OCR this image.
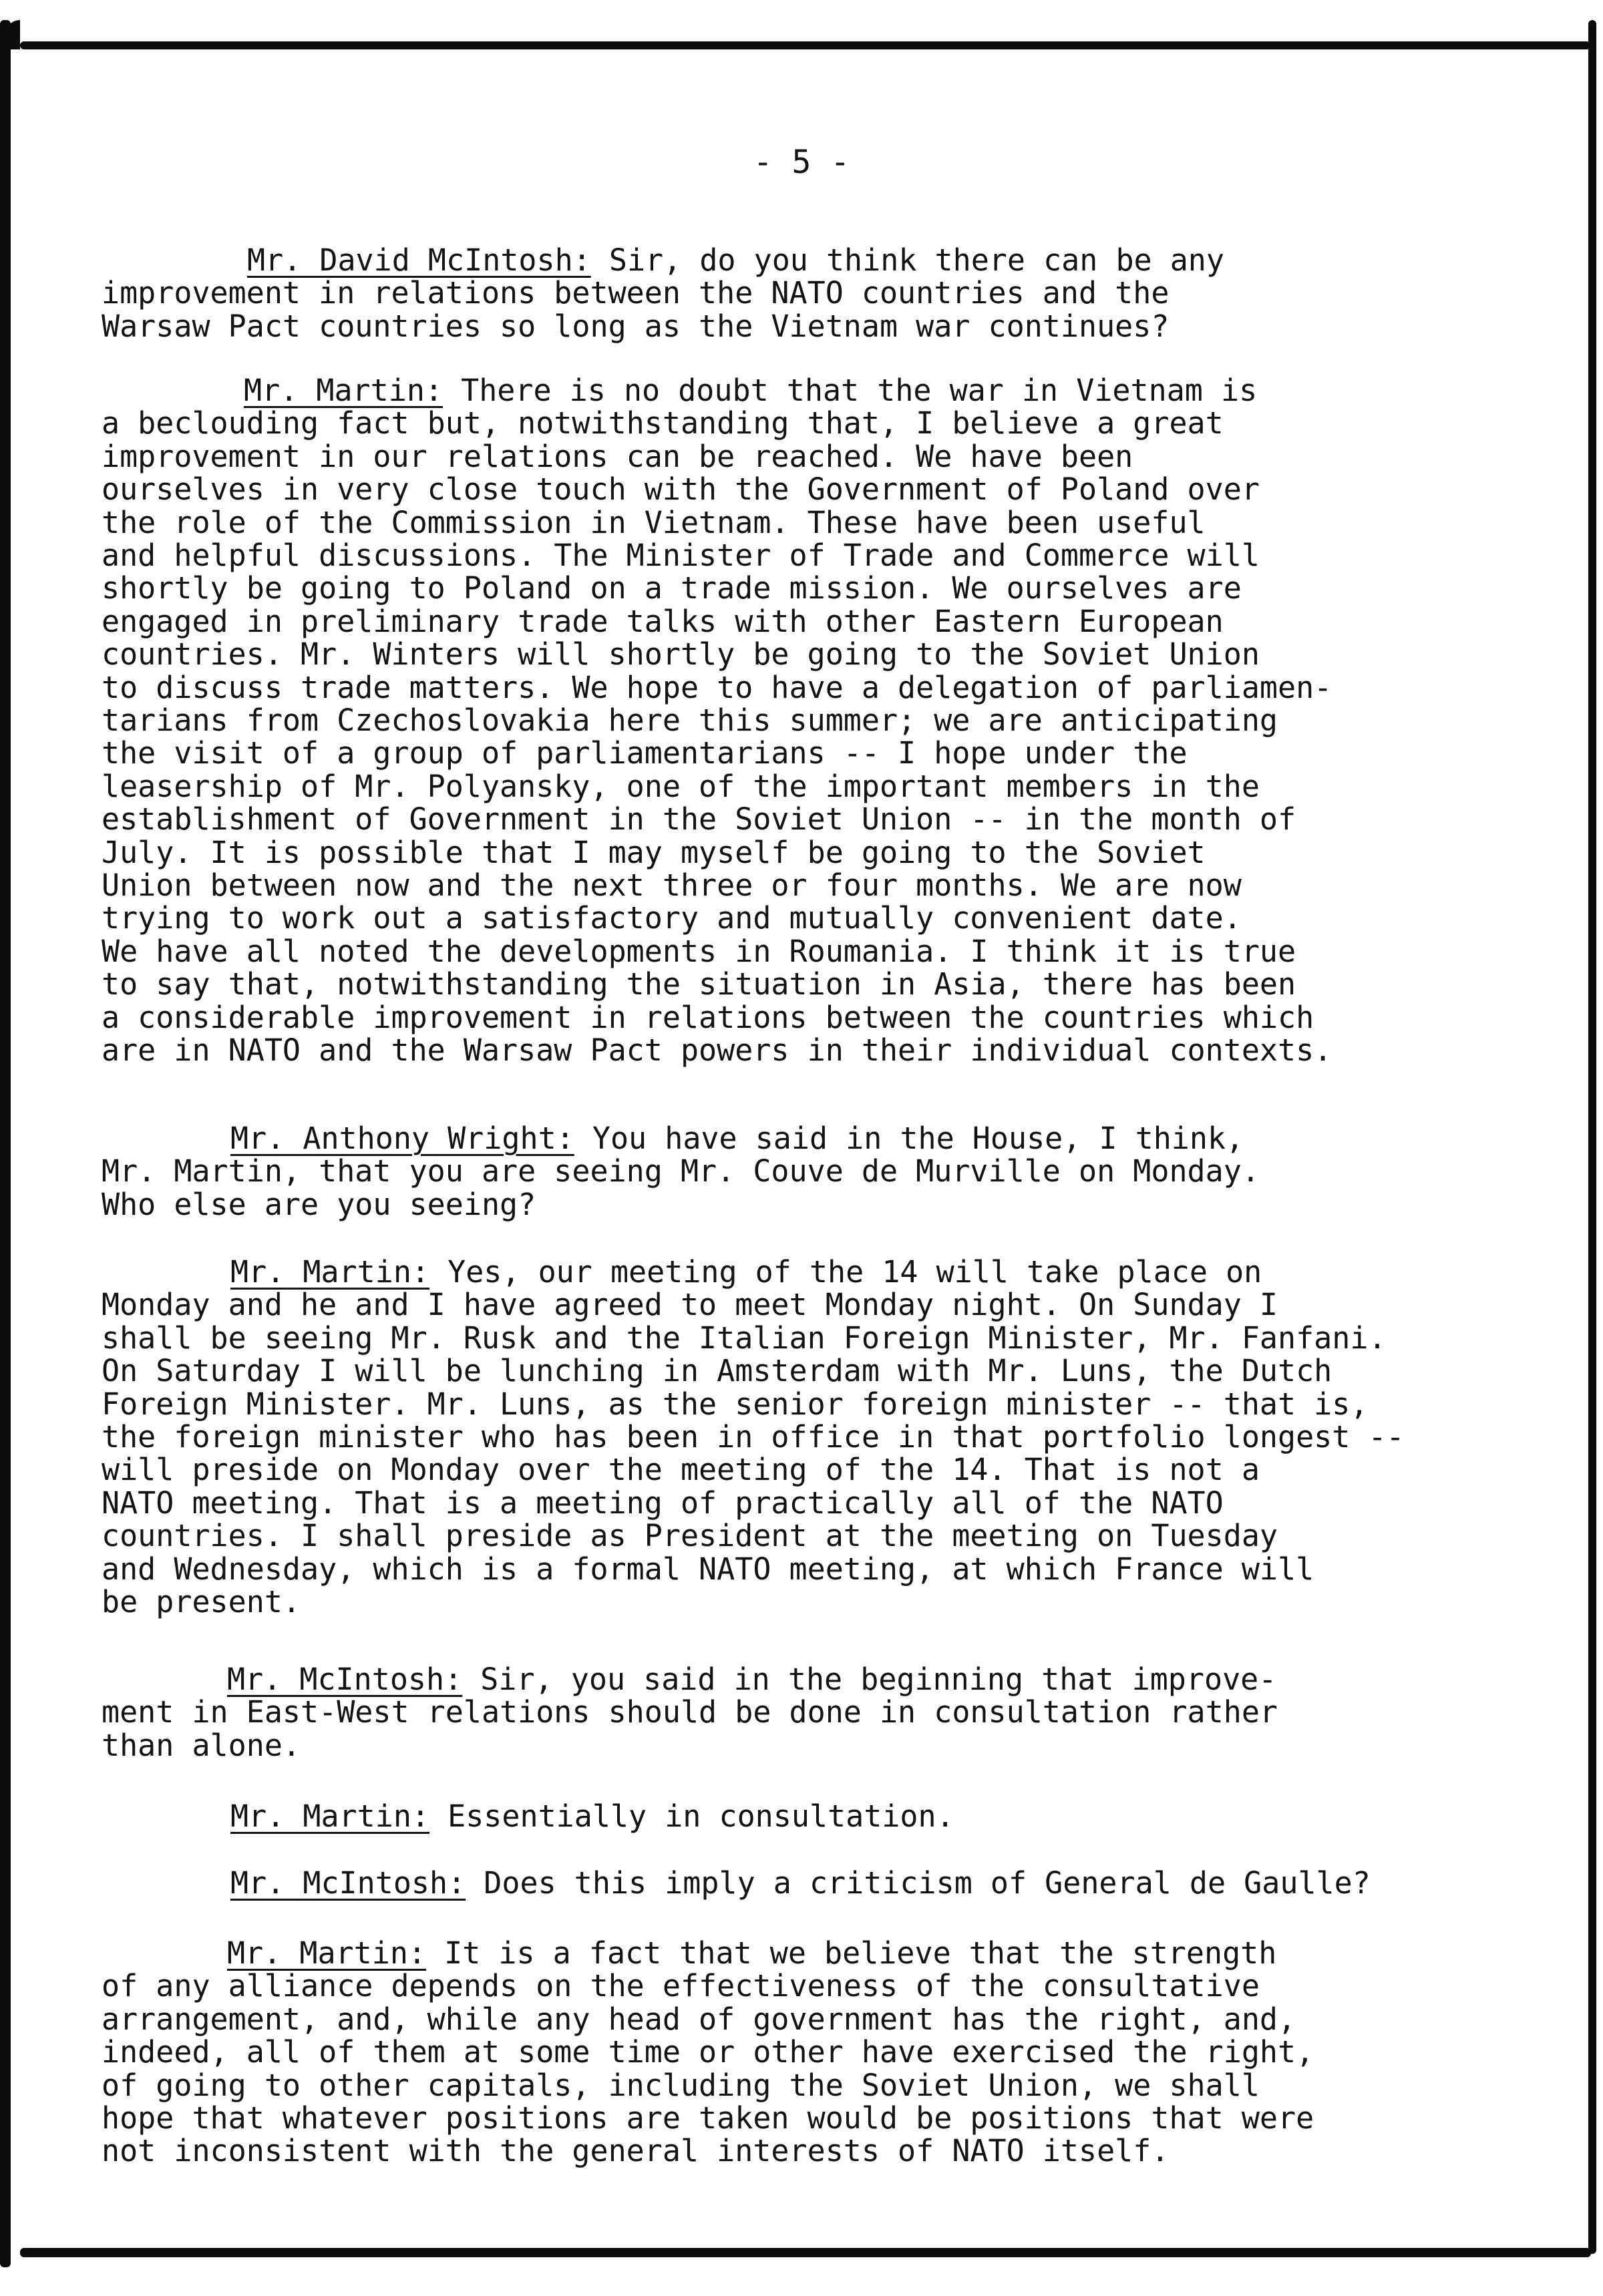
- 5 -
Mr. David McIntosh: Sir, do you think there can be any
improvement in relations between the NATO countries and the
Warsaw Pact countries so long as the Vietnam war continues?
Mr. Martin: There is no doubt that the war in Vietnam is
a beclouding fact but, notwithstanding that, I believe a great
improvement in our relations can be reached. We have been
ourselves in very close touch with the Government of Poland over
the role of the Commission in Vietnam. These have been useful
and helpful discussions. The Minister of Trade and Commerce will
shortly be going to Poland on a trade mission. We ourselves are
engaged in preliminary trade talks with other Eastern European
countries. Mr. Winters will shortly be going to the Soviet Union
to discuss trade matters. We hope to have a delegation of parliamen-
tarians from Czechoslovakia here this summer; we are anticipating
the visit of a group of parliamentarians -- I hope under the
leasership of Mr. Polyansky, one of the important members in the
establishment of Government in the Soviet Union -- in the month of
July. It is possible that I may myself be going to the Soviet
Union between now and the next three or four months. We are now
trying to work out a satisfactory and mutually convenient date.
We have all noted the developments in Roumania. I think it is true
to say that, notwithstanding the situation in Asia, there has been
a considerable improvement in relations between the countries which
are in NATO and the Warsaw Pact powers in their individual contexts.
Mr. Anthony Wright: You have said in the House, I think,
Mr. Martin, that you are seeing Mr. Couve de Murville on Monday.
Who else are you seeing?
Mr. Martin: Yes, our meeting of the 14 will take place on
Monday and he and I have agreed to meet Monday night. On Sunday I
shall be seeing Mr. Rusk and the Italian Foreign Minister, Mr. Fanfani.
On Saturday I will be lunching in Amsterdam with Mr. Luns, the Dutch
Foreign Minister. Mr. Luns, as the senior foreign minister -- that is,
the foreign minister who has been in office in that portfolio longest --
will preside on Monday over the meeting of the 14. That is not a
NATO meeting. That is a meeting of practically all of the NATO
countries. I shall preside as President at the meeting on Tuesday
and Wednesday, which is a formal NATO meeting, at which France will
be present.
Mr. McIntosh: Sir, you said in the beginning that improve-
ment in East-West relations should be done in consultation rather
than alone.
Mr. Martin: Essentially in consultation.
Mr. McIntosh: Does this imply a criticism of General de Gaulle?
Mr. Martin: It is a fact that we believe that the strength
of any alliance depends on the effectiveness of the consultative
arrangement, and, while any head of government has the right, and,
indeed, all of them at some time or other have exercised the right,
of going to other capitals, including the Soviet Union, we shall
hope that whatever positions are taken would be positions that were
not inconsistent with the general interests of NATO itself.
